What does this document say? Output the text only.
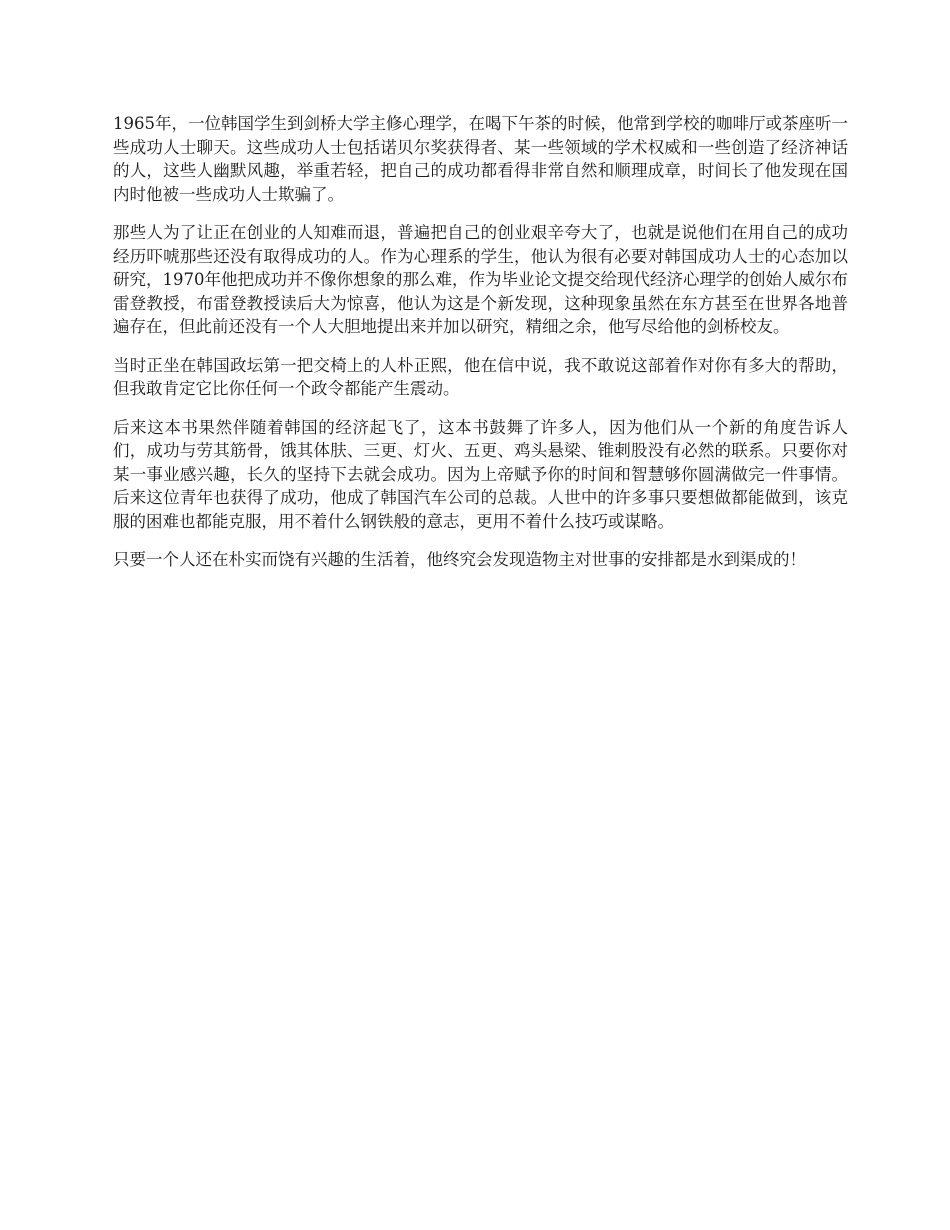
1965年，一位韩国学生到剑桥大学主修心理学，在喝下午茶的时候，他常到学校的咖啡厅或茶座听一些成功人士聊天。这些成功人士包括诺贝尔奖获得者、某一些领域的学术权威和一些创造了经济神话的人，这些人幽默风趣，举重若轻，把自己的成功都看得非常自然和顺理成章，时间长了他发现在国内时他被一些成功人士欺骗了。

那些人为了让正在创业的人知难而退，普遍把自己的创业艰辛夸大了，也就是说他们在用自己的成功经历吓唬那些还没有取得成功的人。作为心理系的学生，他认为很有必要对韩国成功人士的心态加以研究，1970年他把成功并不像你想象的那么难，作为毕业论文提交给现代经济心理学的创始人威尔布雷登教授，布雷登教授读后大为惊喜，他认为这是个新发现，这种现象虽然在东方甚至在世界各地普遍存在，但此前还没有一个人大胆地提出来并加以研究，精细之余，他写尽给他的剑桥校友。

当时正坐在韩国政坛第一把交椅上的人朴正熙，他在信中说，我不敢说这部着作对你有多大的帮助，但我敢肯定它比你任何一个政令都能产生震动。

后来这本书果然伴随着韩国的经济起飞了，这本书鼓舞了许多人，因为他们从一个新的角度告诉人们，成功与劳其筋骨，饿其体肤、三更、灯火、五更、鸡头悬梁、锥刺股没有必然的联系。只要你对某一事业感兴趣，长久的坚持下去就会成功。因为上帝赋予你的时间和智慧够你圆满做完一件事情。后来这位青年也获得了成功，他成了韩国汽车公司的总裁。人世中的许多事只要想做都能做到，该克服的困难也都能克服，用不着什么钢铁般的意志，更用不着什么技巧或谋略。

只要一个人还在朴实而饶有兴趣的生活着，他终究会发现造物主对世事的安排都是水到渠成的！
